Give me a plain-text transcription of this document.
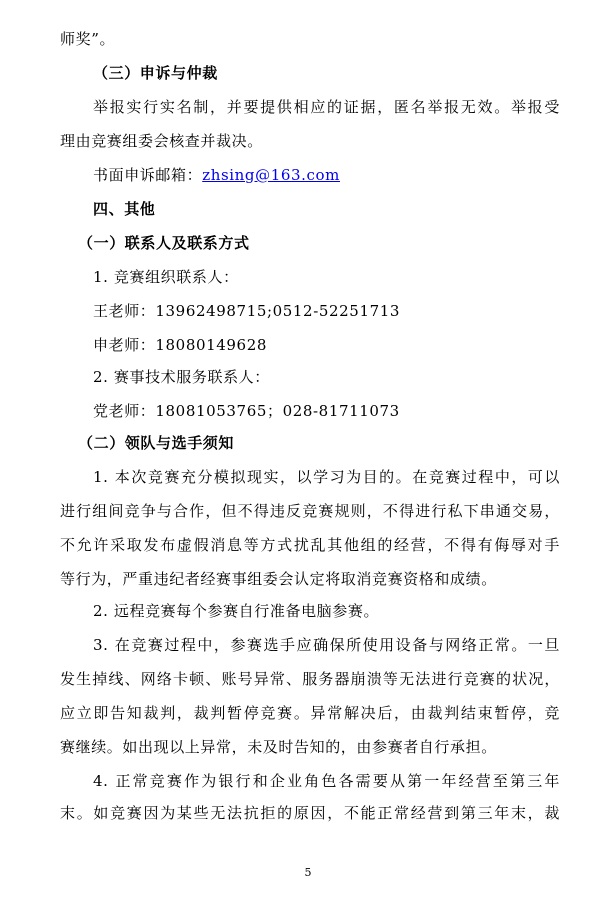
师奖”。
（三）申诉与仲裁
举报实行实名制，并要提供相应的证据，匿名举报无效。举报受
理由竞赛组委会核查并裁决。
书面申诉邮箱：zhsing@163.com
四、其他
（一）联系人及联系方式
1. 竞赛组织联系人：
王老师：13962498715;0512-52251713
申老师：18080149628
2. 赛事技术服务联系人：
党老师：18081053765；028-81711073
（二）领队与选手须知
1. 本次竞赛充分模拟现实，以学习为目的。在竞赛过程中，可以
进行组间竞争与合作，但不得违反竞赛规则，不得进行私下串通交易，
不允许采取发布虚假消息等方式扰乱其他组的经营，不得有侮辱对手
等行为，严重违纪者经赛事组委会认定将取消竞赛资格和成绩。
2. 远程竞赛每个参赛自行准备电脑参赛。
3. 在竞赛过程中，参赛选手应确保所使用设备与网络正常。一旦
发生掉线、网络卡顿、账号异常、服务器崩溃等无法进行竞赛的状况，
应立即告知裁判，裁判暂停竞赛。异常解决后，由裁判结束暂停，竞
赛继续。如出现以上异常，未及时告知的，由参赛者自行承担。
4. 正常竞赛作为银行和企业角色各需要从第一年经营至第三年
末。如竞赛因为某些无法抗拒的原因，不能正常经营到第三年末，裁
5
